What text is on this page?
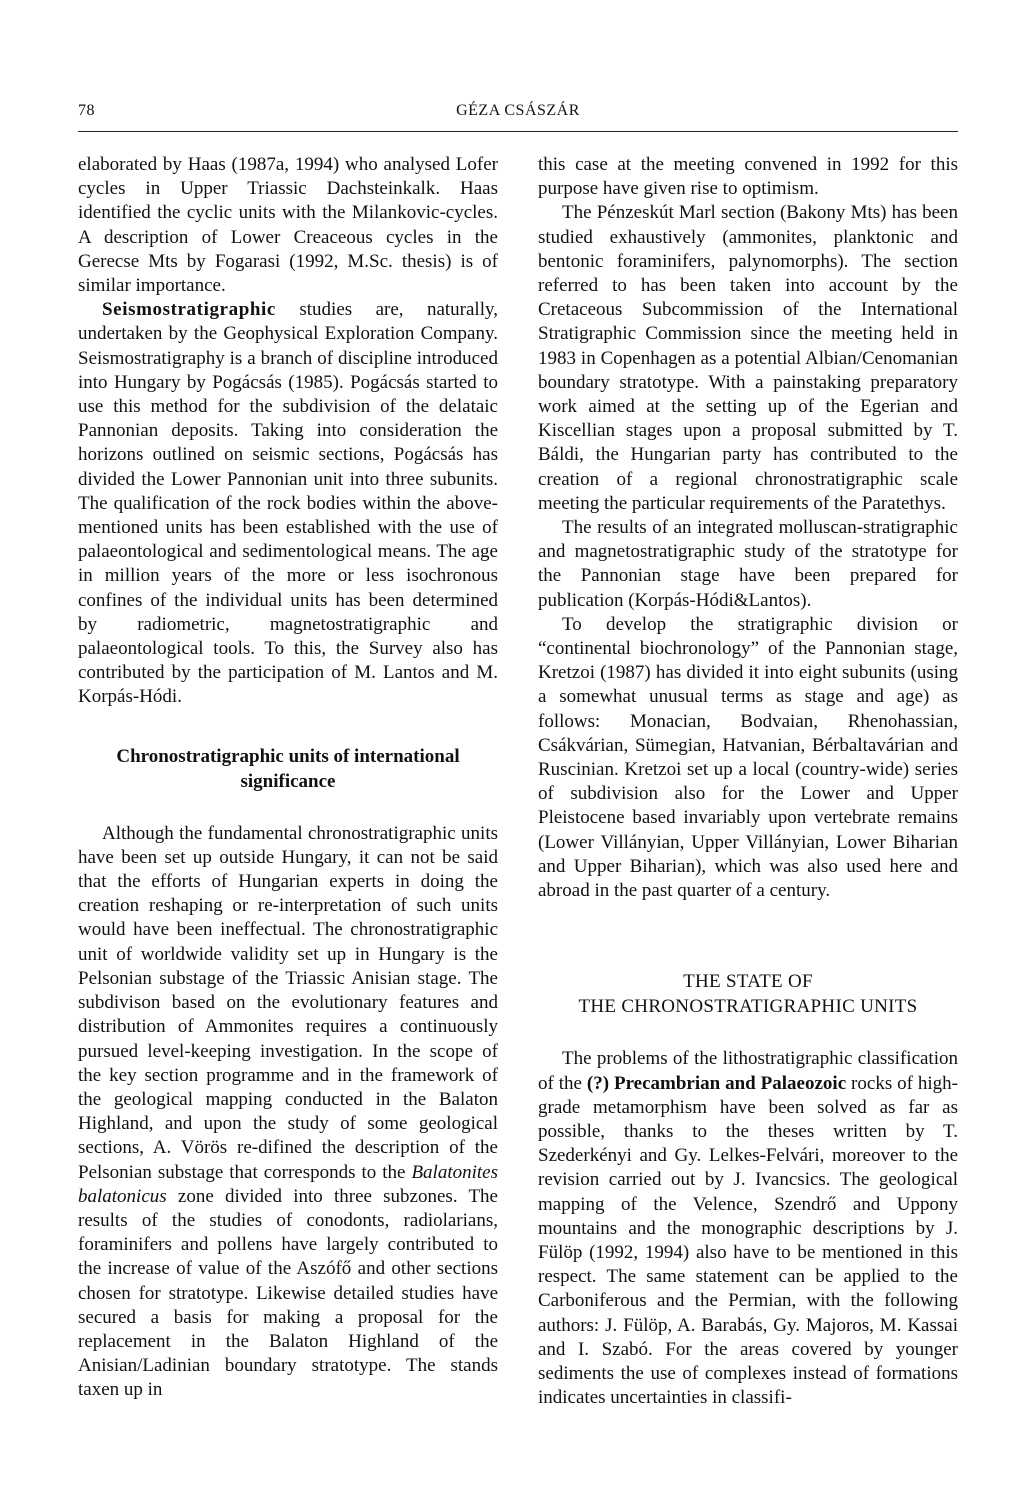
78	GÉZA CSÁSZÁR

elaborated by Haas (1987a, 1994) who analysed Lofer cycles in Upper Triassic Dachsteinkalk. Haas identified the cyclic units with the Milankovic-cycles. A description of Lower Creaceous cycles in the Gerecse Mts by Fogarasi (1992, M.Sc. thesis) is of similar importance.

Seismostratigraphic studies are, naturally, undertaken by the Geophysical Exploration Company. Seismostratigraphy is a branch of discipline introduced into Hungary by Pogácsás (1985). Pogácsás started to use this method for the subdivision of the delataic Pannonian deposits. Taking into consideration the horizons outlined on seismic sections, Pogácsás has divided the Lower Pannonian unit into three subunits. The qualification of the rock bodies within the above-mentioned units has been established with the use of palaeontological and sedimentological means. The age in million years of the more or less isochronous confines of the individual units has been determined by radiometric, magnetostratigraphic and palaeontological tools. To this, the Survey also has contributed by the participation of M. Lantos and M. Korpás-Hódi.

Chronostratigraphic units of international significance

Although the fundamental chronostratigraphic units have been set up outside Hungary, it can not be said that the efforts of Hungarian experts in doing the creation reshaping or re-interpretation of such units would have been ineffectual. The chronostratigraphic unit of worldwide validity set up in Hungary is the Pelsonian substage of the Triassic Anisian stage. The subdivison based on the evolutionary features and distribution of Ammonites requires a continuously pursued level-keeping investigation. In the scope of the key section programme and in the framework of the geological mapping conducted in the Balaton Highland, and upon the study of some geological sections, A. Vörös re-difined the description of the Pelsonian substage that corresponds to the Balatonites balatonicus zone divided into three subzones. The results of the studies of conodonts, radiolarians, foraminifers and pollens have largely contributed to the increase of value of the Aszófő and other sections chosen for stratotype. Likewise detailed studies have secured a basis for making a proposal for the replacement in the Balaton Highland of the Anisian/Ladinian boundary stratotype. The stands taxen up in

this case at the meeting convened in 1992 for this purpose have given rise to optimism.

The Pénzeskút Marl section (Bakony Mts) has been studied exhaustively (ammonites, planktonic and bentonic foraminifers, palynomorphs). The section referred to has been taken into account by the Cretaceous Subcommission of the International Stratigraphic Commission since the meeting held in 1983 in Copenhagen as a potential Albian/Cenomanian boundary stratotype. With a painstaking preparatory work aimed at the setting up of the Egerian and Kiscellian stages upon a proposal submitted by T. Báldi, the Hungarian party has contributed to the creation of a regional chronostratigraphic scale meeting the particular requirements of the Paratethys.

The results of an integrated molluscan-stratigraphic and magnetostratigraphic study of the stratotype for the Pannonian stage have been prepared for publication (Korpás-Hódi&Lantos).

To develop the stratigraphic division or “continental biochronology” of the Pannonian stage, Kretzoi (1987) has divided it into eight subunits (using a somewhat unusual terms as stage and age) as follows: Monacian, Bodvaian, Rhenohassian, Csákvárian, Sümegian, Hatvanian, Bérbaltavárian and Ruscinian. Kretzoi set up a local (country-wide) series of subdivision also for the Lower and Upper Pleistocene based invariably upon vertebrate remains (Lower Villányian, Upper Villányian, Lower Biharian and Upper Biharian), which was also used here and abroad in the past quarter of a century.

THE STATE OF
THE CHRONOSTRATIGRAPHIC UNITS

The problems of the lithostratigraphic classification of the (?) Precambrian and Palaeozoic rocks of high-grade metamorphism have been solved as far as possible, thanks to the theses written by T. Szederkényi and Gy. Lelkes-Felvári, moreover to the revision carried out by J. Ivancsics. The geological mapping of the Velence, Szendrő and Uppony mountains and the monographic descriptions by J. Fülöp (1992, 1994) also have to be mentioned in this respect. The same statement can be applied to the Carboniferous and the Permian, with the following authors: J. Fülöp, A. Barabás, Gy. Majoros, M. Kassai and I. Szabó. For the areas covered by younger sediments the use of complexes instead of formations indicates uncertainties in classifi-
